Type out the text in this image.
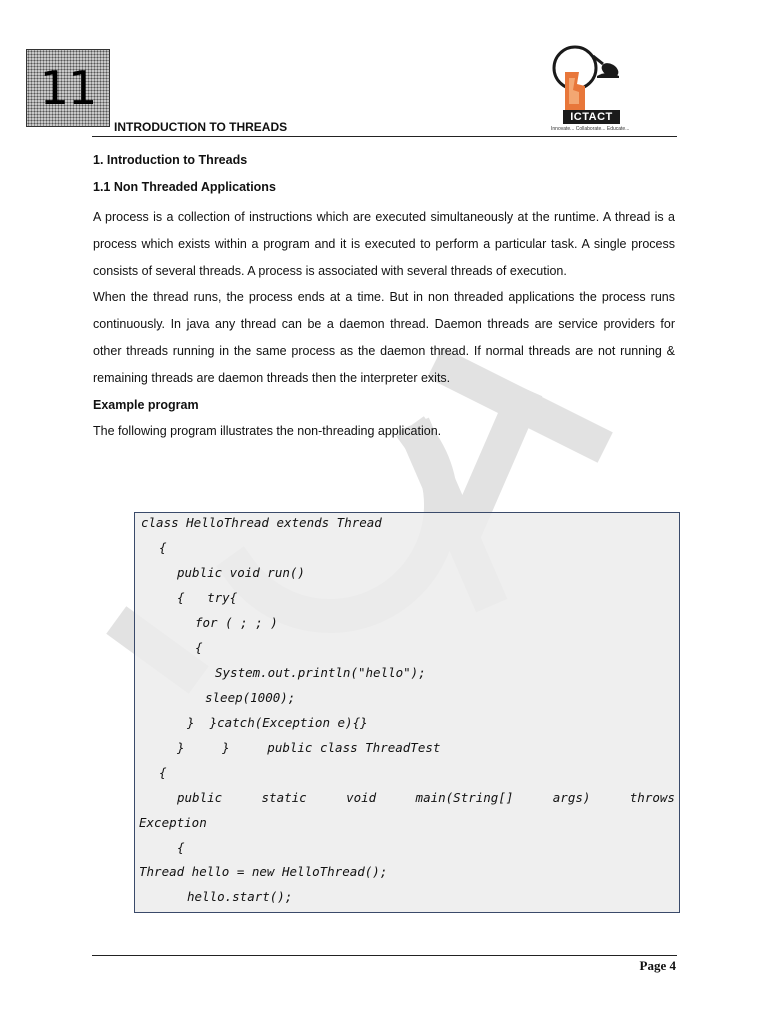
11
INTRODUCTION TO THREADS
ICTACT
Innovate... Collaborate... Educate...
1. Introduction to Threads
1.1 Non Threaded Applications

A process is a collection of instructions which are executed simultaneously at the runtime. A thread is a process which exists within a program and it is executed to perform a particular task. A single process consists of several threads. A process is associated with several threads of execution.

When the thread runs, the process ends at a time. But in non threaded applications the process runs continuously. In java any thread can be a daemon thread. Daemon threads are service providers for other threads running in the same process as the daemon thread. If normal threads are not running & remaining threads are daemon threads then the interpreter exits.

Example program
The following program illustrates the non-threading application.
class HelloThread extends Thread
{
public void run()
{   try{
for ( ; ; )
{
System.out.println("hello");
sleep(1000);
}  }catch(Exception e){}
}     }     public class ThreadTest
{
public	static	void	main(String[]	args)	throws
Exception
{
Thread hello = new HelloThread();
hello.start();
Page 4
